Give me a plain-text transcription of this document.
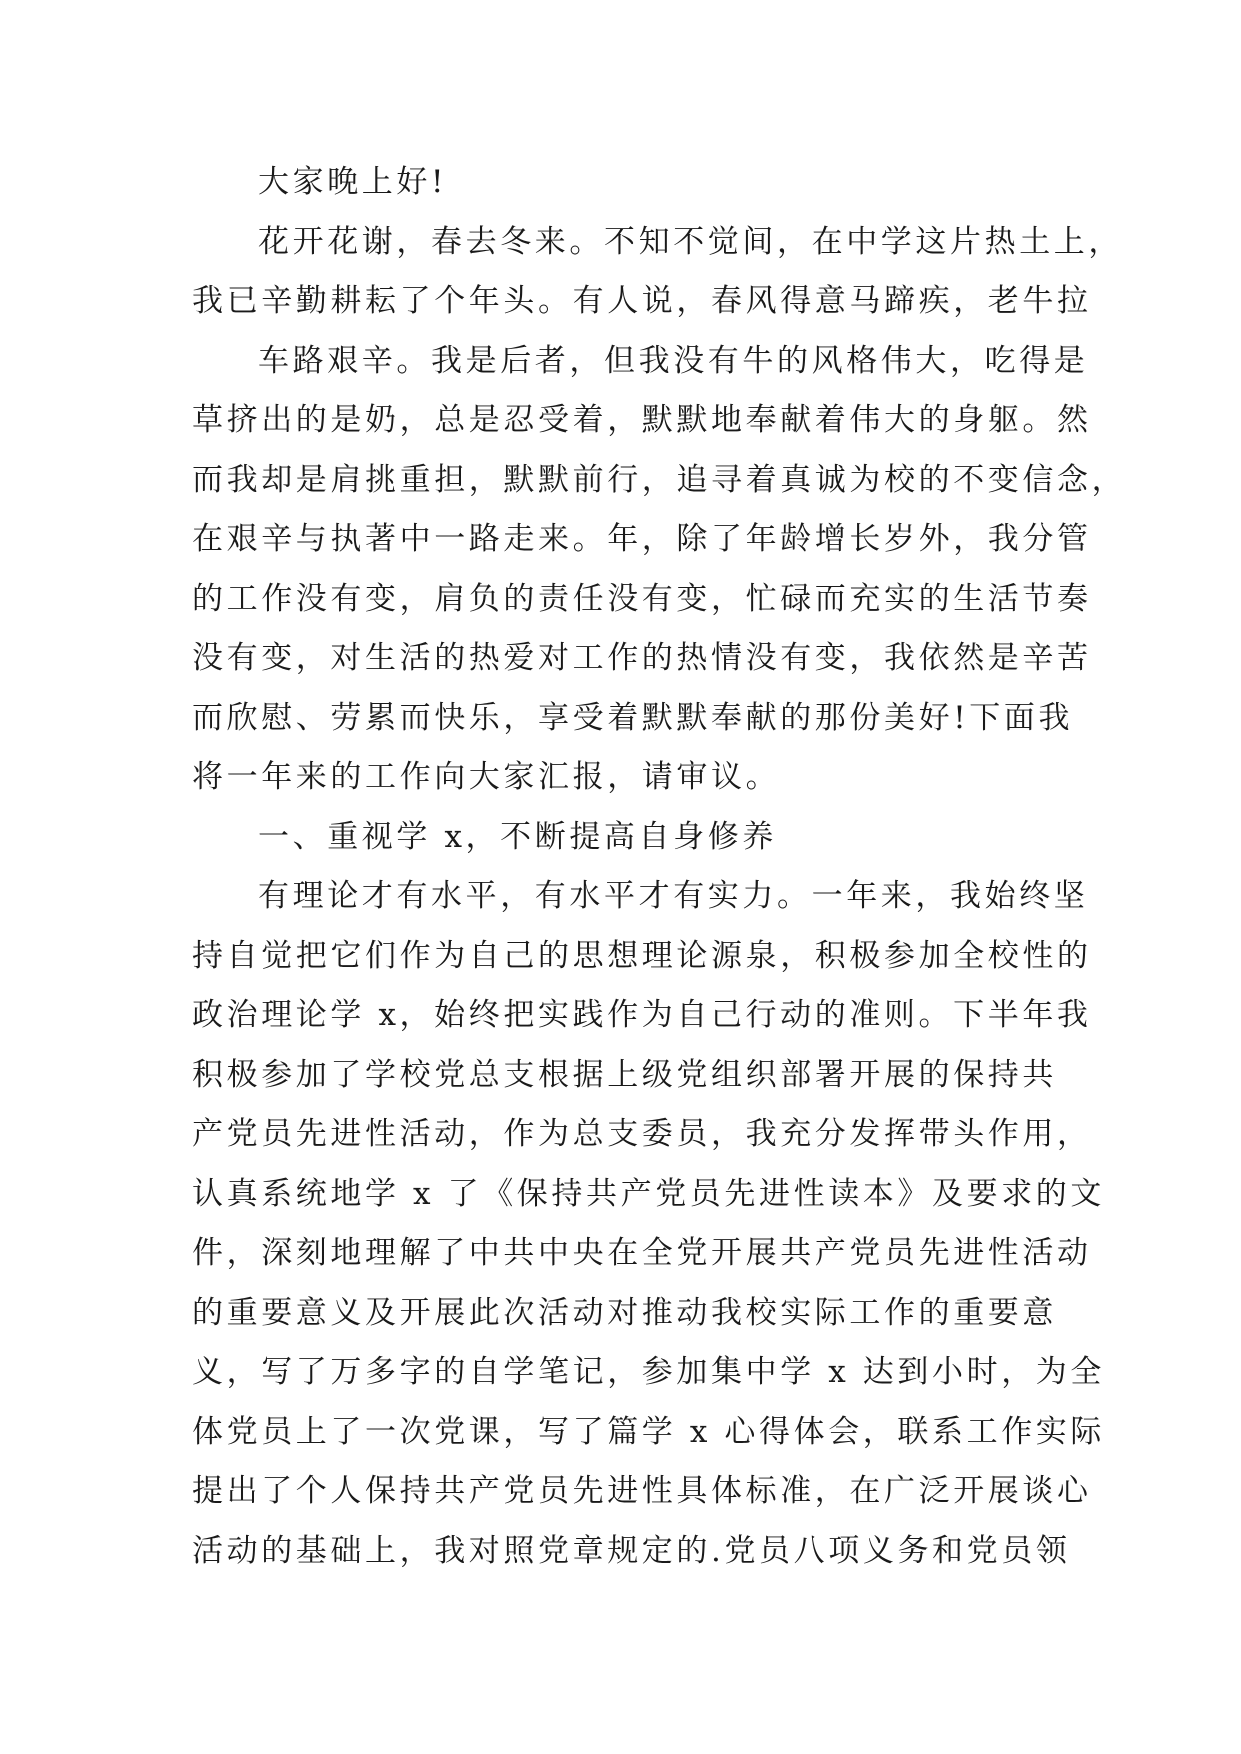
大家晚上好!
花开花谢，春去冬来。不知不觉间，在中学这片热土上，
我已辛勤耕耘了个年头。有人说，春风得意马蹄疾，老牛拉
车路艰辛。我是后者，但我没有牛的风格伟大，吃得是
草挤出的是奶，总是忍受着，默默地奉献着伟大的身躯。然
而我却是肩挑重担，默默前行，追寻着真诚为校的不变信念，
在艰辛与执著中一路走来。年，除了年龄增长岁外，我分管
的工作没有变，肩负的责任没有变，忙碌而充实的生活节奏
没有变，对生活的热爱对工作的热情没有变，我依然是辛苦
而欣慰、劳累而快乐，享受着默默奉献的那份美好!下面我
将一年来的工作向大家汇报，请审议。
一、重视学 x，不断提高自身修养
有理论才有水平，有水平才有实力。一年来，我始终坚
持自觉把它们作为自己的思想理论源泉，积极参加全校性的
政治理论学 x，始终把实践作为自己行动的准则。下半年我
积极参加了学校党总支根据上级党组织部署开展的保持共
产党员先进性活动，作为总支委员，我充分发挥带头作用，
认真系统地学 x 了《保持共产党员先进性读本》及要求的文
件，深刻地理解了中共中央在全党开展共产党员先进性活动
的重要意义及开展此次活动对推动我校实际工作的重要意
义，写了万多字的自学笔记，参加集中学 x 达到小时，为全
体党员上了一次党课，写了篇学 x 心得体会，联系工作实际
提出了个人保持共产党员先进性具体标准，在广泛开展谈心
活动的基础上，我对照党章规定的.党员八项义务和党员领
